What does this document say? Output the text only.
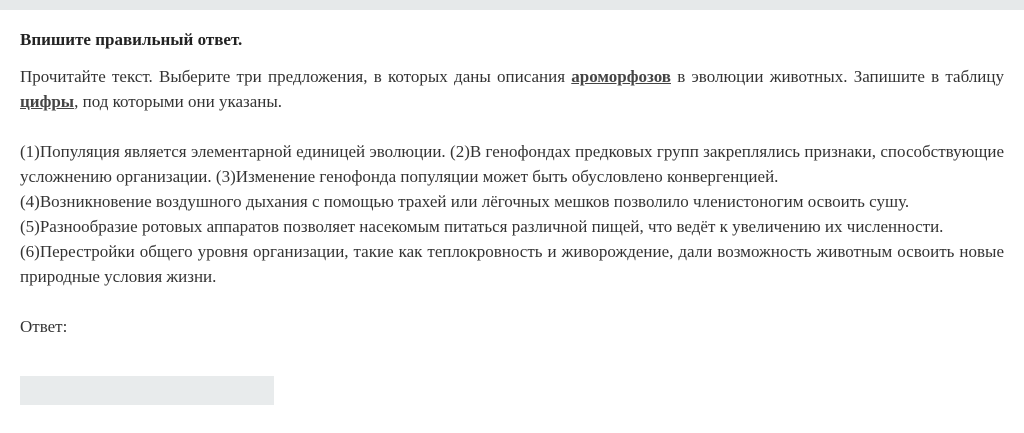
Впишите правильный ответ.

Прочитайте текст. Выберите три предложения, в которых даны описания ароморфозов в эволюции животных. Запишите в таблицу цифры, под которыми они указаны.

(1)Популяция является элементарной единицей эволюции. (2)В генофондах предковых групп закреплялись признаки, способствующие усложнению организации. (3)Изменение генофонда популяции может быть обусловлено конвергенцией.
(4)Возникновение воздушного дыхания с помощью трахей или лёгочных мешков позволило членистоногим освоить сушу.
(5)Разнообразие ротовых аппаратов позволяет насекомым питаться различной пищей, что ведёт к увеличению их численности.
(6)Перестройки общего уровня организации, такие как теплокровность и живорождение, дали возможность животным освоить новые природные условия жизни.

Ответ:
